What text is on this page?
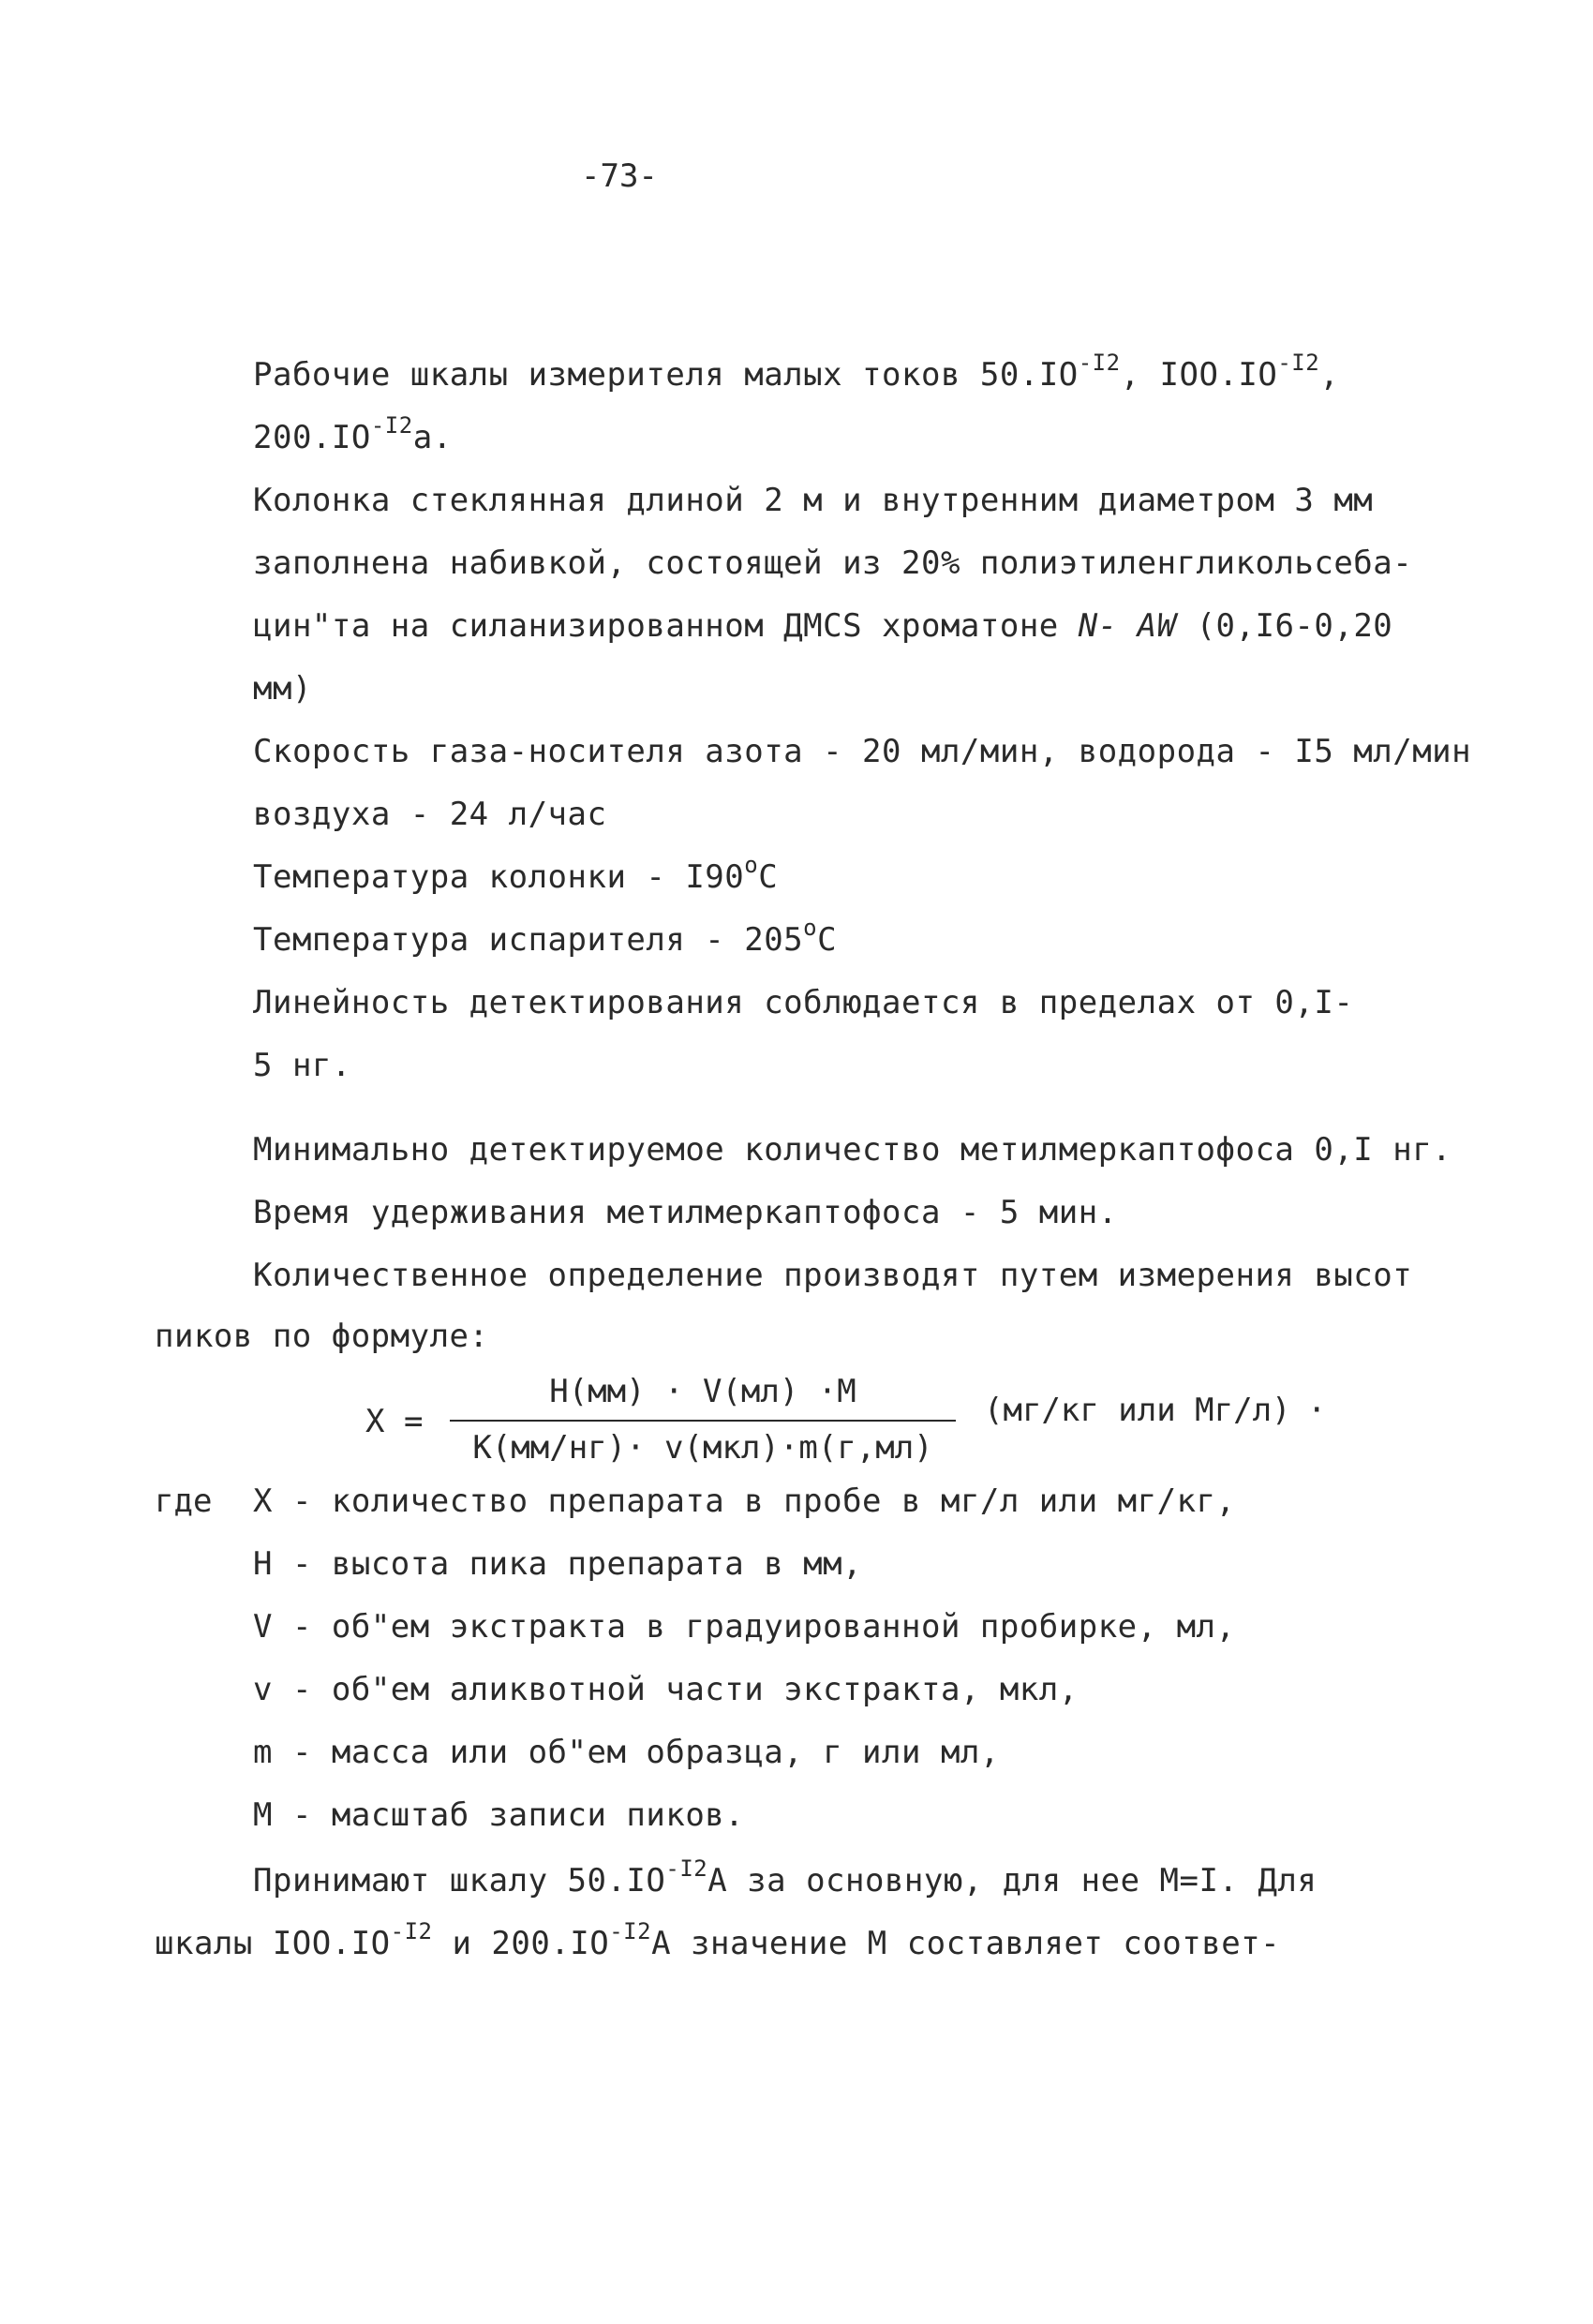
-73-
Рабочие шкалы измерителя малых токов $50.IO^{-I2}$, $IOO.IO^{-I2}$,
$200.IO^{-I2}а$.
Колонка стеклянная длиной 2 м и внутренним диаметром 3 мм
заполнена набивкой, состоящей из 20% полиэтиленгликольсеба-
цин"та на силанизированном ДМСS хроматоне N- AW (0,I6-0,20
мм)
Скорость газа-носителя азота - 20 мл/мин, водорода - I5 мл/мин
воздуха - 24 л/час
Температура колонки - I90$^o$C
Температура испарителя - 205$^o$C
Линейность детектирования соблюдается в пределах от 0,I-
5 нг.
Минимально детектируемое количество метилмеркаптофоса 0,I нг.
Время удерживания метилмеркаптофоса - 5 мин.
Количественное определение производят путем измерения высот
пиков по формуле:
X =
H(мм) · V(мл) ·M
K(мм/нг)· v(мкл)·m(г,мл)
(мг/кг или Мг/л) ·
где X - количество препарата в пробе в мг/л или мг/кг,
H - высота пика препарата в мм,
V - об"ем экстракта в градуированной пробирке, мл,
v - об"ем аликвотной части экстракта, мкл,
m - масса или об"ем образца, г или мл,
M - масштаб записи пиков.
Принимают шкалу $50.IO^{-I2}A$ за основную, для нее M=I. Для
шкалы $IOO.IO^{-I2}$ и $200.IO^{-I2}A$ значение M составляет соответ-
